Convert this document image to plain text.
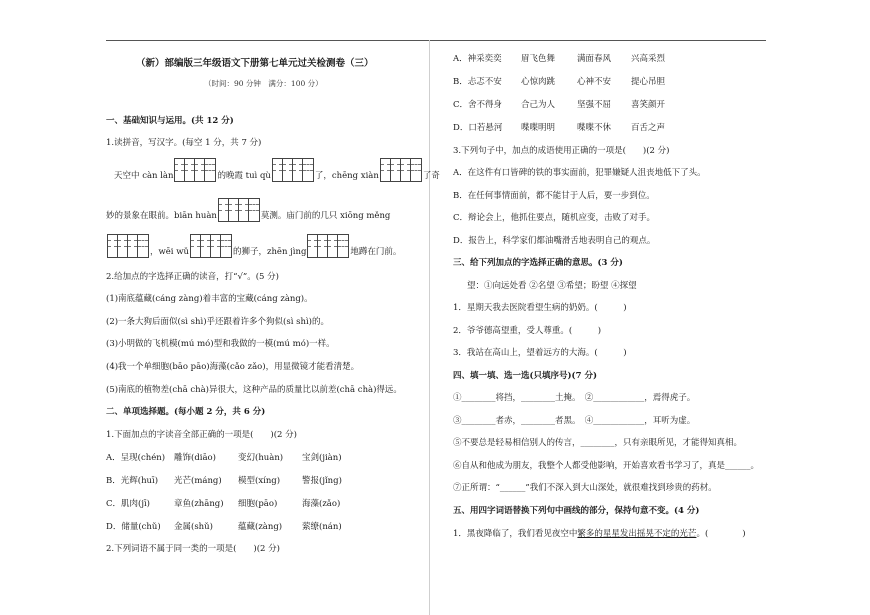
（新）部编版三年级语文下册第七单元过关检测卷（三）
（时间：90 分钟　满分：100 分）
一、基础知识与运用。(共 12 分)
1.读拼音，写汉字。(每空 1 分，共 7 分)
天空中 càn làn	的晚霞 tuì qù	了，chēng xiàn	了奇
妙的景象在眼前。biān huàn	莫测。庙门前的几只 xiōng měng
，wēi wǔ	的狮子，zhēn jìng	地蹲在门前。
2.给加点的字选择正确的读音，打“√”。(5 分)
(1)南底蕴藏(cáng zàng)着丰富的宝藏(cáng zàng)。
(2)一条大狗后面似(sì shì)乎还跟着许多个狗似(sì shì)的。
(3)小明做的飞机模(mú mó)型和我做的一模(mú mó)一样。
(4)我一个单细胞(bāo pāo)海藻(cǎo zǎo)，用显微镜才能看清楚。
(5)南底的植物差(chā chà)异很大，这种产品的质量比以前差(chā chà)得远。
二、单项选择题。(每小题 2 分，共 6 分)
1.下面加点的字读音全部正确的一项是(　　)(2 分)
A．呈现(chén) 雕饰(diāo)	变幻(huàn) 宝剑(jiàn)
B．光辉(huī) 光芒(máng) 模型(xíng)	警报(jǐng)
C．肌肉(jī)	章鱼(zhāng) 细胞(pāo)	海藻(zǎo)
D．储量(chǔ) 金属(shǔ)	蕴藏(zàng) 萦缭(nán)
2.下列词语不属于同一类的一项是(　　)(2 分)
A．神采奕奕 眉飞色舞	满面春风 兴高采烈
B．忐忑不安 心惊肉跳	心神不安 提心吊胆
C．舍不得身 合己为人	坚强不屈 喜笑颜开
D．口若悬河 喋喋明明	喋喋不休 百舌之声
3.下列句子中，加点的成语使用正确的一项是(　　)(2 分)
A．在这件有口皆碑的铁的事实面前，犯罪嫌疑人沮丧地低下了头。
B．在任何事情面前，都不能甘于人后，要一步到位。
C．辩论会上，他抓住要点，随机应变，击败了对手。
D．报告上，科学家们都油嘴滑舌地表明自己的观点。
三、给下列加点的字选择正确的意思。(3 分)
望：①向远处看 ②名望 ③希望；盼望 ④探望
1．星期天我去医院看望生病的奶奶。(　　　)
2．爷爷德高望重，受人尊重。(　　　)
3．我站在高山上，望着远方的大海。(　　　)
四、填一填、选一选(只填序号)(7 分)
①________将挡，________土掩。　②____________，焉得虎子。
③________者赤，________者黑。　④____________，耳听为虚。
⑤不要总是轻易相信别人的传言，________，只有亲眼所见，才能得知真相。
⑥自从和他成为朋友，我整个人都受他影响，开始喜欢看书学习了，真是______。
⑦正所谓：“______”我们不深入到大山深处，就很难找到珍贵的药材。
五、用四字词语替换下列句中画线的部分，保持句意不变。(4 分)
1．黑夜降临了，我们看见夜空中繁多的星星发出摇晃不定的光芒。(　　　　)
